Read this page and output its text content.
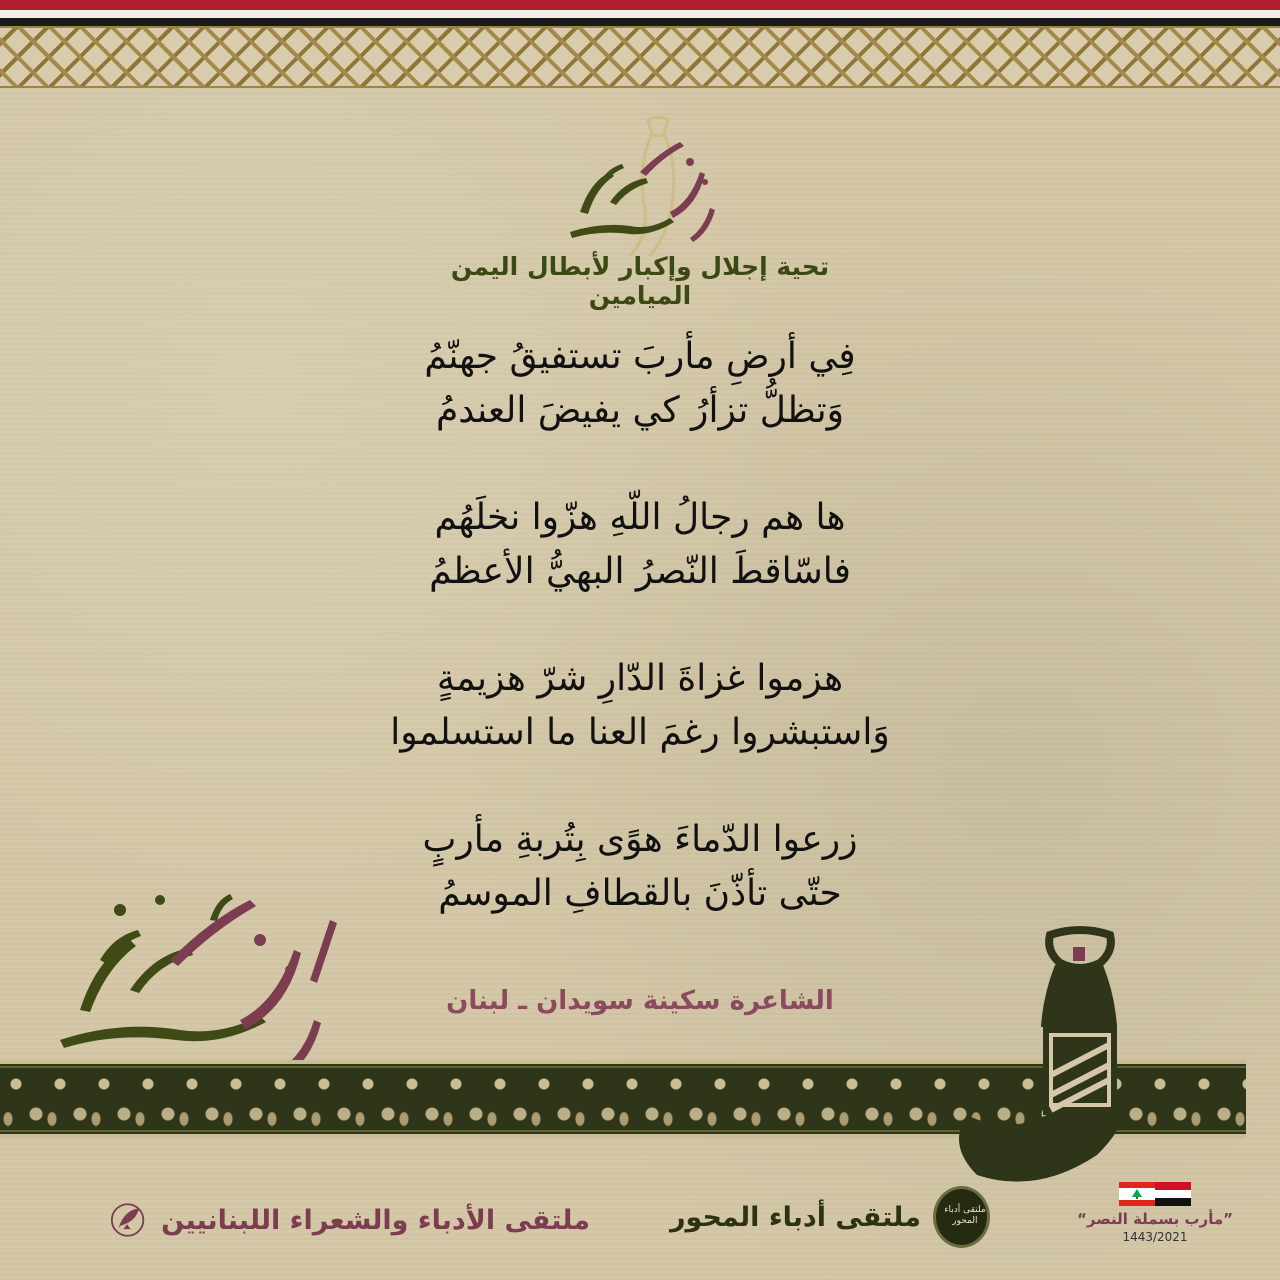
تحية إجلال وإكبار لأبطال اليمن الميامين
فِي أرضِ مأربَ تستفيقُ جهنّمُ
وَتظلُّ تزأرُ كي يفيضَ العندمُ
ها هم رجالُ اللّهِ هزّوا نخلَهُم
فاسّاقطَ النّصرُ البهيُّ الأعظمُ
هزموا غزاةَ الدّارِ شرّ هزيمةٍ
وَاستبشروا رغمَ العنا ما استسلموا
زرعوا الدّماءَ هوًى بِتُربةِ مأربٍ
حتّى تأذّنَ بالقطافِ الموسمُ
الشاعرة سكينة سويدان ـ لبنان
ملتقى الأدباء والشعراء اللبنانيين	ملتقى أدباء المحور
ملتقى أدباء المحور	”مأرب بسملة النصر“
1443/2021
